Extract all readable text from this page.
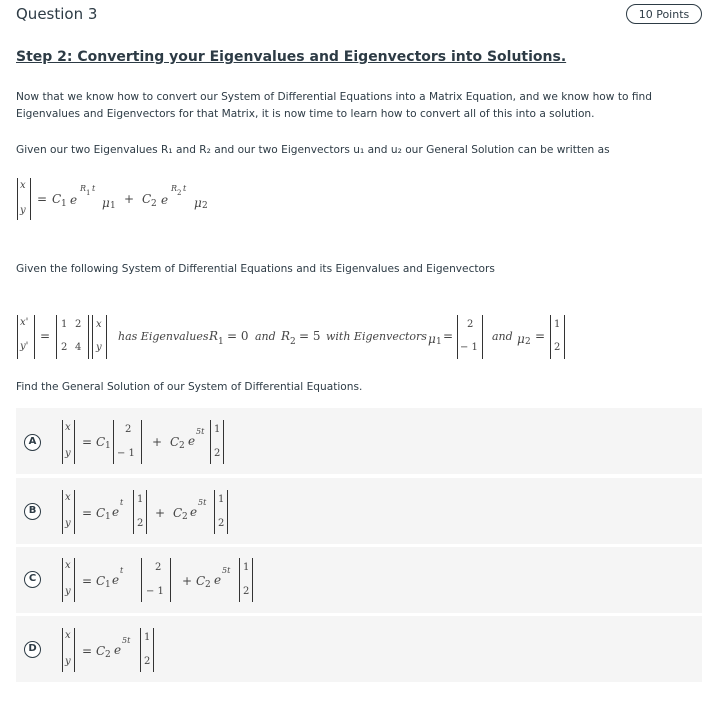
Question 3	10 Points
Step 2: Converting your Eigenvalues and Eigenvectors into Solutions.
Now that we know how to convert our System of Differential Equations into a Matrix Equation, and we know how to find
Eigenvalues and Eigenvectors for that Matrix, it is now time to learn how to convert all of this into a solution.
Given our two Eigenvalues R₁ and R₂ and our two Eigenvectors u₁ and u₂ our General Solution can be written as
x
y
= C 1 e
R 1 t
μ 1 + C 2 e
R 2 t
μ 2
Given the following System of Differential Equations and its Eigenvalues and Eigenvectors
x'
y'
=
1 2
2 4
x
y
has Eigenvalues R 1 = 0 and R 2 = 5 with Eigenvectors μ 1 =
2
− 1
and μ 2 =
1
2
Find the General Solution of our System of Differential Equations.
A
x
y
= C 1
2
− 1
+ C 2 e
5t 1
2
B
x
y
= C 1 e
t 1
2
+ C 2 e
5t 1
2
C
x
y
= C 1 e
t	2
− 1
+ C 2 e
5t 1
2
D
x
y
= C 2 e
5t 1
2
